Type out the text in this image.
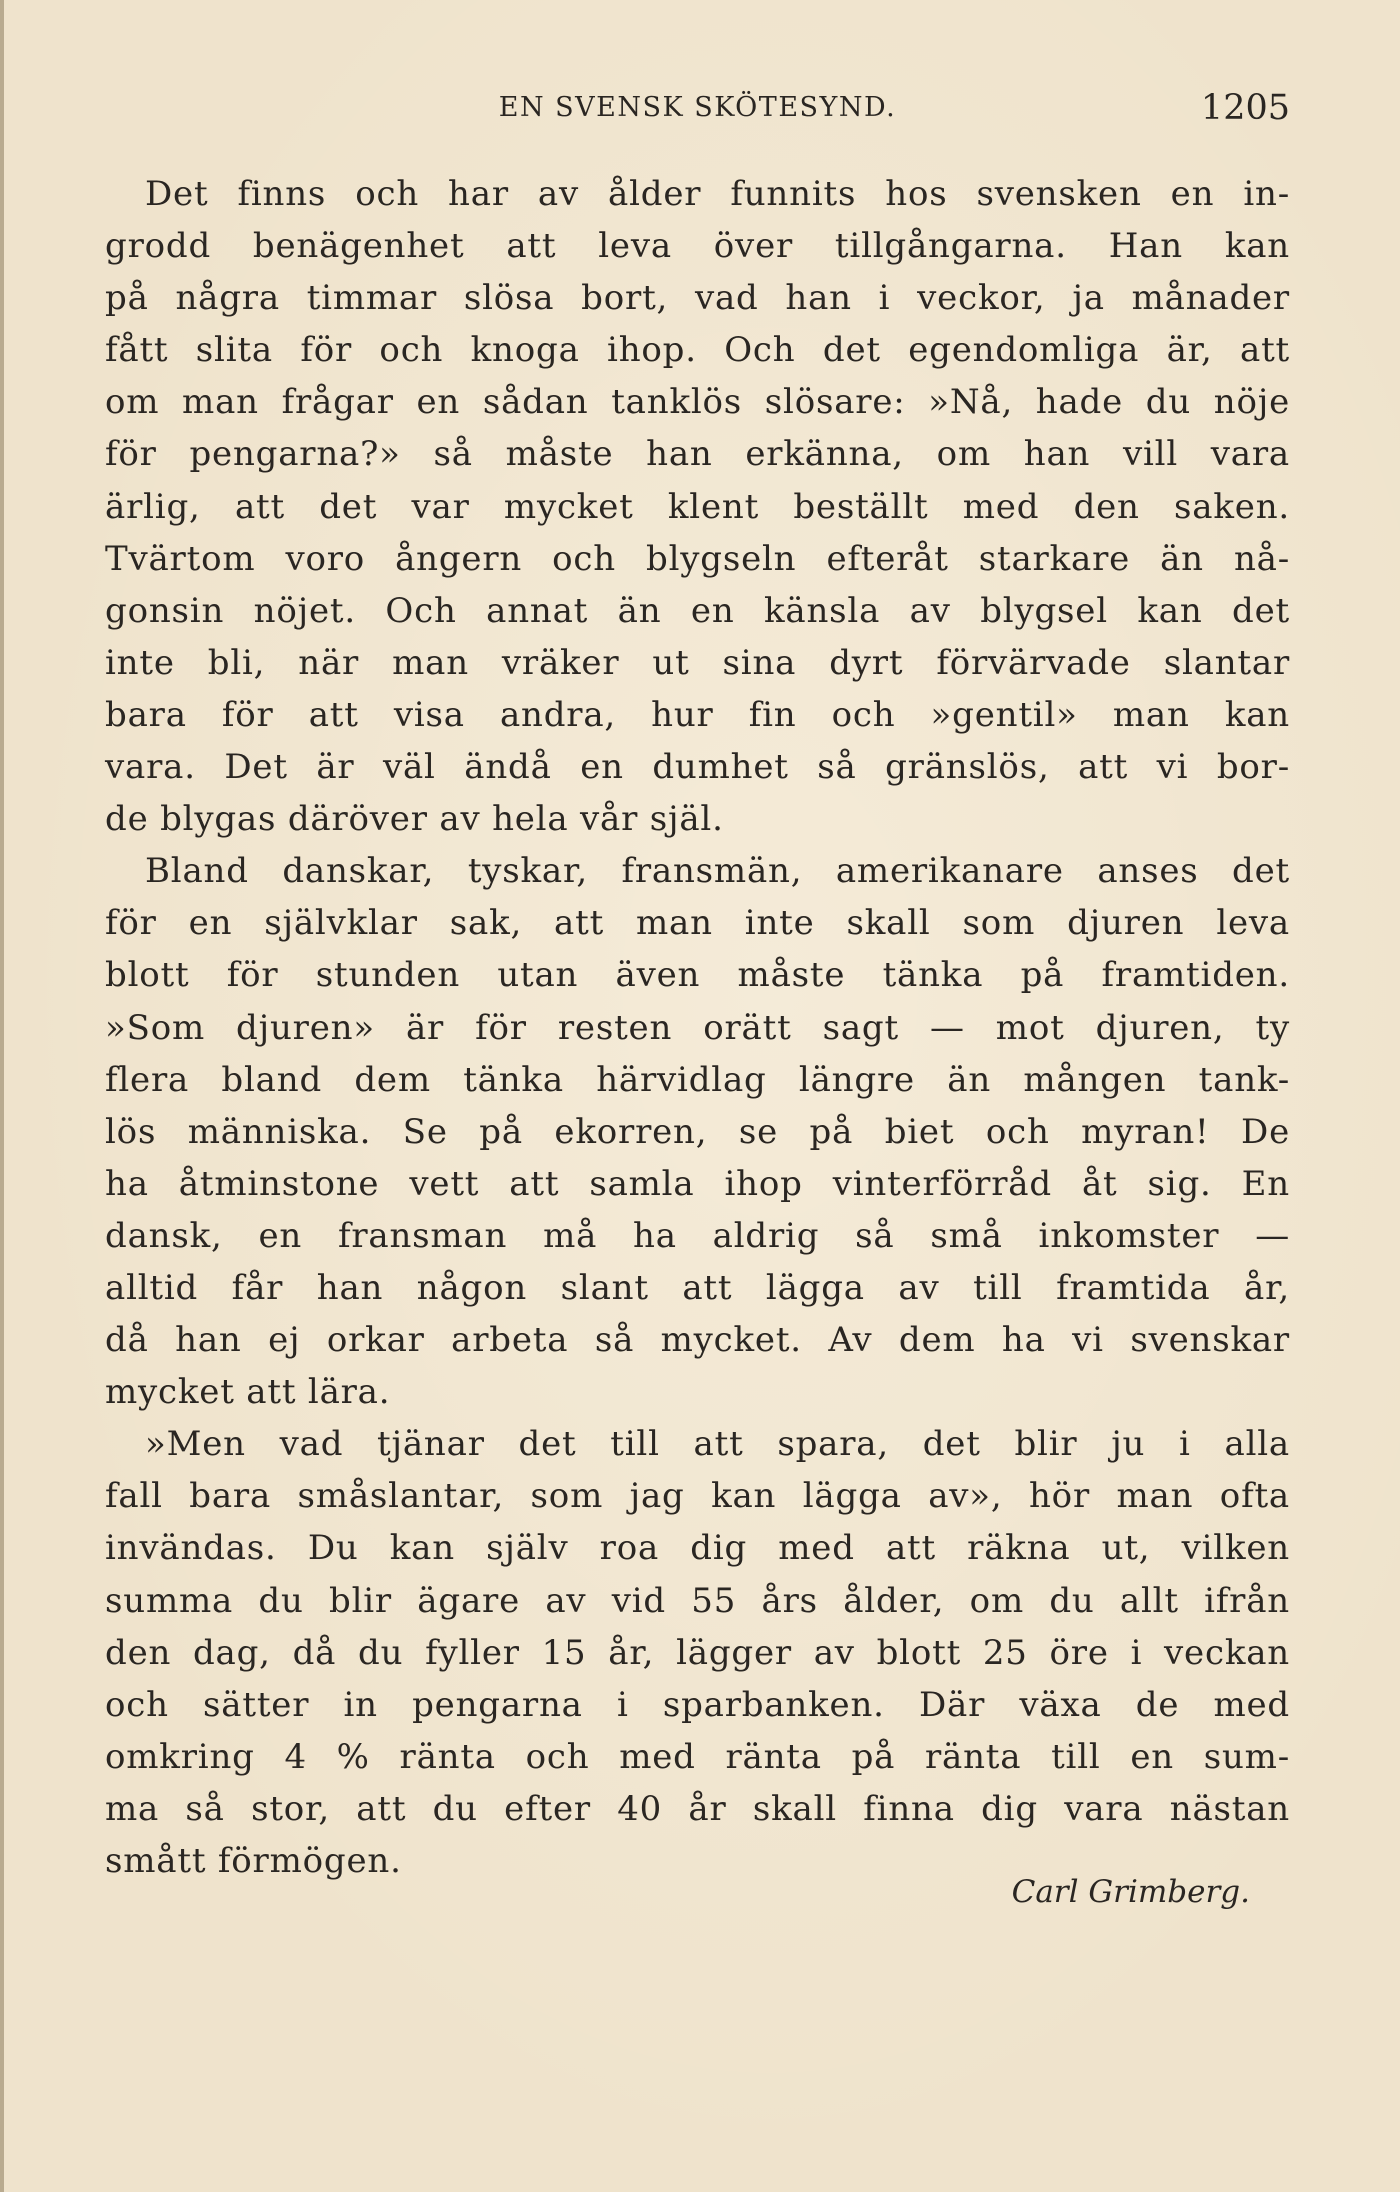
EN SVENSK SKÖTESYND.	1205
Det finns och har av ålder funnits hos svensken en in-
grodd benägenhet att leva över tillgångarna. Han kan
på några timmar slösa bort, vad han i veckor, ja månader
fått slita för och knoga ihop. Och det egendomliga är, att
om man frågar en sådan tanklös slösare: »Nå, hade du nöje
för pengarna?» så måste han erkänna, om han vill vara
ärlig, att det var mycket klent beställt med den saken.
Tvärtom voro ångern och blygseln efteråt starkare än nå-
gonsin nöjet. Och annat än en känsla av blygsel kan det
inte bli, när man vräker ut sina dyrt förvärvade slantar
bara för att visa andra, hur fin och »gentil» man kan
vara. Det är väl ändå en dumhet så gränslös, att vi bor-
de blygas däröver av hela vår själ.
Bland danskar, tyskar, fransmän, amerikanare anses det
för en självklar sak, att man inte skall som djuren leva
blott för stunden utan även måste tänka på framtiden.
»Som djuren» är för resten orätt sagt — mot djuren, ty
flera bland dem tänka härvidlag längre än mången tank-
lös människa. Se på ekorren, se på biet och myran! De
ha åtminstone vett att samla ihop vinterförråd åt sig. En
dansk, en fransman må ha aldrig så små inkomster —
alltid får han någon slant att lägga av till framtida år,
då han ej orkar arbeta så mycket. Av dem ha vi svenskar
mycket att lära.
»Men vad tjänar det till att spara, det blir ju i alla
fall bara småslantar, som jag kan lägga av», hör man ofta
invändas. Du kan själv roa dig med att räkna ut, vilken
summa du blir ägare av vid 55 års ålder, om du allt ifrån
den dag, då du fyller 15 år, lägger av blott 25 öre i veckan
och sätter in pengarna i sparbanken. Där växa de med
omkring 4 % ränta och med ränta på ränta till en sum-
ma så stor, att du efter 40 år skall finna dig vara nästan
smått förmögen.
Carl Grimberg.
